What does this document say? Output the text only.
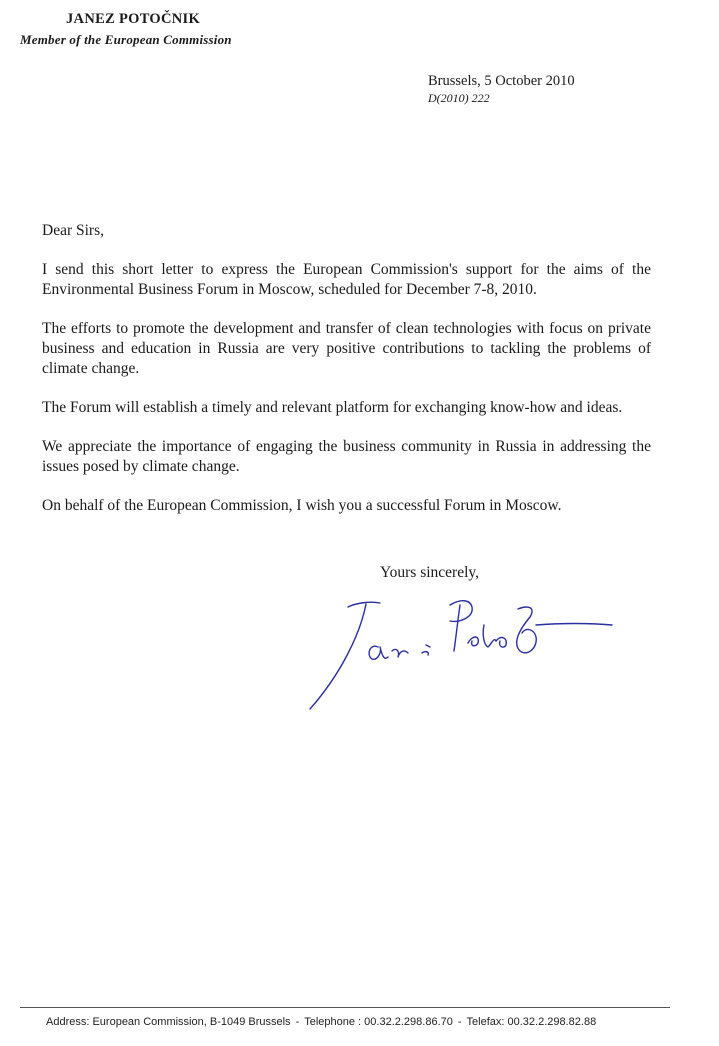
JANEZ POTOČNIK
Member of the European Commission
Brussels, 5 October 2010
D(2010) 222
Dear Sirs,

I send this short letter to express the European Commission's support for the aims of the Environmental Business Forum in Moscow, scheduled for December 7-8, 2010.

The efforts to promote the development and transfer of clean technologies with focus on private business and education in Russia are very positive contributions to tackling the problems of climate change.

The Forum will establish a timely and relevant platform for exchanging know-how and ideas.

We appreciate the importance of engaging the business community in Russia in addressing the issues posed by climate change.

On behalf of the European Commission, I wish you a successful Forum in Moscow.

Yours sincerely,
Address: European Commission, B-1049 Brussels - Telephone : 00.32.2.298.86.70 - Telefax: 00.32.2.298.82.88
